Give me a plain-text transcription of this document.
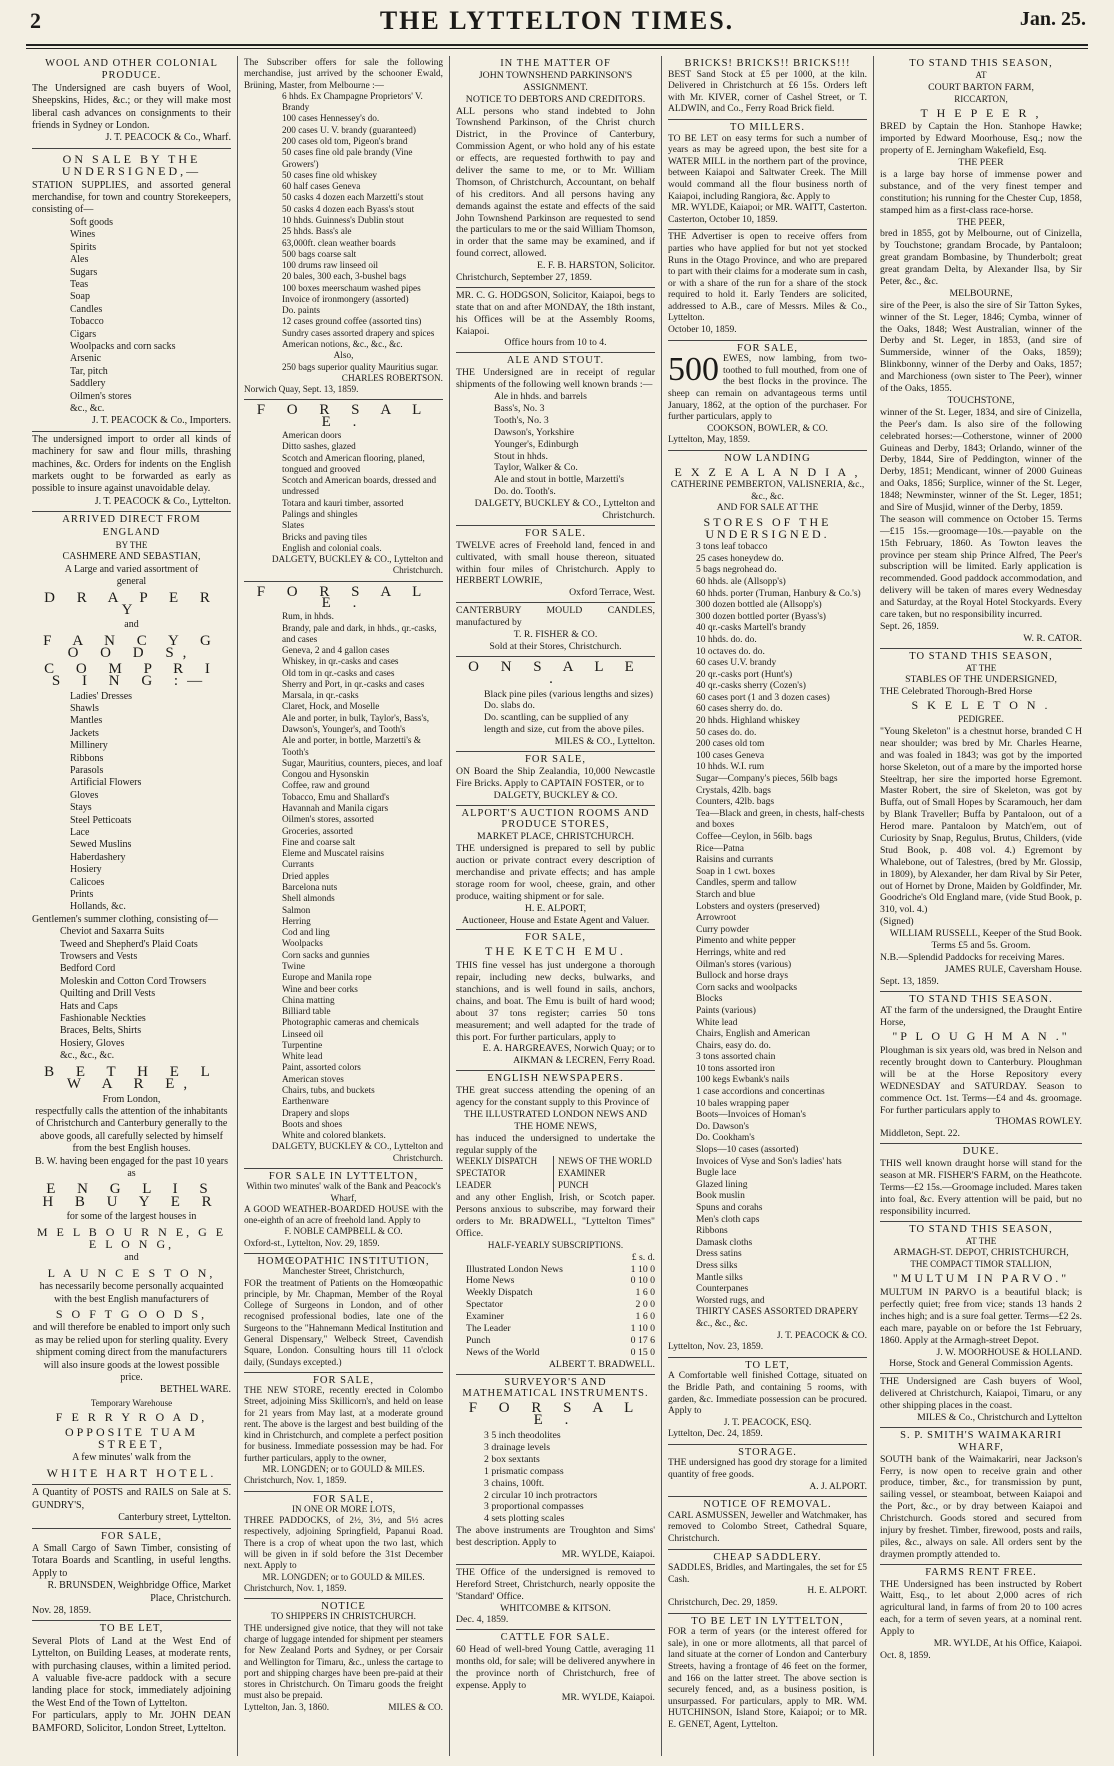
2	THE LYTTELTON TIMES.	Jan. 25.
WOOL AND OTHER COLONIAL PRODUCE.
The Undersigned are cash buyers of Wool, Sheepskins, Hides, &c.; or they will make most liberal cash advances on consignments to their friends in Sydney or London.
J. T. PEACOCK & Co., Wharf.
ON SALE BY THE UNDERSIGNED,—
STATION SUPPLIES, and assorted general merchandise, for town and country Storekeepers, consisting of—
Soft goods
Wines
Spirits
Ales
Sugars
Teas
Soap
Candles
Tobacco
Cigars
Woolpacks and corn sacks
Arsenic
Tar, pitch
Saddlery
Oilmen's stores
&c., &c.
J. T. PEACOCK & Co., Importers.
The undersigned import to order all kinds of machinery for saw and flour mills, thrashing machines, &c. Orders for indents on the English markets ought to be forwarded as early as possible to insure against unavoidable delay.
J. T. PEACOCK & Co., Lyttelton.
ARRIVED DIRECT FROM ENGLAND
BY THE
CASHMERE AND SEBASTIAN,
A Large and varied assortment of
general
D R A P E R Y
and
F A N C Y G O O D S,
C O M P R I S I N G :—
Ladies' Dresses
Shawls
Mantles
Jackets
Millinery
Ribbons
Parasols
Artificial Flowers
Gloves
Stays
Steel Petticoats
Lace
Sewed Muslins
Haberdashery
Hosiery
Calicoes
Prints
Hollands, &c.
Gentlemen's summer clothing, consisting of—
Cheviot and Saxarra Suits
Tweed and Shepherd's Plaid Coats
Trowsers and Vests
Bedford Cord
Moleskin and Cotton Cord Trowsers
Quilting and Drill Vests
Hats and Caps
Fashionable Neckties
Braces, Belts, Shirts
Hosiery, Gloves
&c., &c., &c.
B E T H E L W A R E,
From London,
respectfully calls the attention of the inhabitants of Christchurch and Canterbury generally to the above goods, all carefully selected by himself from the best English houses.
B. W. having been engaged for the past 10 years as
E N G L I S H B U Y E R
for some of the largest houses in
M E L B O U R N E, G E E L O N G,
and
L A U N C E S T O N,
has necessarily become personally acquainted with the best English manufacturers of
S O F T G O O D S,
and will therefore be enabled to import only such as may be relied upon for sterling quality. Every shipment coming direct from the manufacturers will also insure goods at the lowest possible price.
BETHEL WARE.
Temporary Warehouse
F E R R Y R O A D,
OPPOSITE TUAM STREET,
A few minutes' walk from the
WHITE HART HOTEL.
A Quantity of POSTS and RAILS on Sale at S. GUNDRY'S,
Canterbury street, Lyttelton.
FOR SALE,
A Small Cargo of Sawn Timber, consisting of Totara Boards and Scantling, in useful lengths. Apply to
R. BRUNSDEN, Weighbridge Office, Market Place, Christchurch.
Nov. 28, 1859.
TO BE LET,
Several Plots of Land at the West End of Lyttelton, on Building Leases, at moderate rents, with purchasing clauses, within a limited period. A valuable five-acre paddock with a secure landing place for stock, immediately adjoining the West End of the Town of Lyttelton.
For particulars, apply to Mr. JOHN DEAN BAMFORD, Solicitor, London Street, Lyttelton.
The Subscriber offers for sale the following merchandise, just arrived by the schooner Ewald, Brüning, Master, from Melbourne :—
6 hhds. Ex Champagne Proprietors' V. Brandy
100 cases Hennessey's do.
200 cases U. V. brandy (guaranteed)
200 cases old tom, Pigeon's brand
50 cases fine old pale brandy (Vine Growers')
50 cases fine old whiskey
60 half cases Geneva
50 casks 4 dozen each Marzetti's stout
50 casks 4 dozen each Byass's stout
10 hhds. Guinness's Dublin stout
25 hhds. Bass's ale
63,000ft. clean weather boards
500 bags coarse salt
100 drums raw linseed oil
20 bales, 300 each, 3-bushel bags
100 boxes meerschaum washed pipes
Invoice of ironmongery (assorted)
Do. paints
12 cases ground coffee (assorted tins)
Sundry cases assorted drapery and spices
American notions, &c., &c., &c.
Also,
250 bags superior quality Mauritius sugar.
CHARLES ROBERTSON.
Norwich Quay, Sept. 13, 1859.
F O R S A L E .
American doors
Ditto sashes, glazed
Scotch and American flooring, planed, tongued and grooved
Scotch and American boards, dressed and undressed
Totara and kauri timber, assorted
Palings and shingles
Slates
Bricks and paving tiles
English and colonial coals.
DALGETY, BUCKLEY & CO., Lyttelton and Christchurch.
F O R S A L E .
Rum, in hhds.
Brandy, pale and dark, in hhds., qr.-casks, and cases
Geneva, 2 and 4 gallon cases
Whiskey, in qr.-casks and cases
Old tom in qr.-casks and cases
Sherry and Port, in qr.-casks and cases
Marsala, in qr.-casks
Claret, Hock, and Moselle
Ale and porter, in bulk, Taylor's, Bass's, Dawson's, Younger's, and Tooth's
Ale and porter, in bottle, Marzetti's & Tooth's
Sugar, Mauritius, counters, pieces, and loaf
Congou and Hysonskin
Coffee, raw and ground
Tobacco, Emu and Shallard's
Havannah and Manila cigars
Oilmen's stores, assorted
Groceries, assorted
Fine and coarse salt
Eleme and Muscatel raisins
Currants
Dried apples
Barcelona nuts
Shell almonds
Salmon
Herring
Cod and ling
Woolpacks
Corn sacks and gunnies
Twine
Europe and Manila rope
Wine and beer corks
China matting
Billiard table
Photographic cameras and chemicals
Linseed oil
Turpentine
White lead
Paint, assorted colors
American stoves
Chairs, tubs, and buckets
Earthenware
Drapery and slops
Boots and shoes
White and colored blankets.
DALGETY, BUCKLEY & CO., Lyttelton and Christchurch.
FOR SALE IN LYTTELTON,
Within two minutes' walk of the Bank and Peacock's Wharf,
A GOOD WEATHER-BOARDED HOUSE with the one-eighth of an acre of freehold land. Apply to
F. NOBLE CAMPBELL & CO.
Oxford-st., Lyttelton, Nov. 29, 1859.
HOMŒOPATHIC INSTITUTION,
Manchester Street, Christchurch,
FOR the treatment of Patients on the Homœopathic principle, by Mr. Chapman, Member of the Royal College of Surgeons in London, and of other recognised professional bodies, late one of the Surgeons to the "Hahnemann Medical Institution and General Dispensary," Welbeck Street, Cavendish Square, London. Consulting hours till 11 o'clock daily, (Sundays excepted.)
FOR SALE,
THE NEW STORE, recently erected in Colombo Street, adjoining Miss Skillicorn's, and held on lease for 21 years from May last, at a moderate ground rent. The above is the largest and best building of the kind in Christchurch, and complete a perfect position for business. Immediate possession may be had. For further particulars, apply to the owner,
MR. LONGDEN; or to GOULD & MILES.
Christchurch, Nov. 1, 1859.
FOR SALE,
IN ONE OR MORE LOTS,
THREE PADDOCKS, of 2½, 3½, and 5½ acres respectively, adjoining Springfield, Papanui Road. There is a crop of wheat upon the two last, which will be given in if sold before the 31st December next. Apply to
MR. LONGDEN; or to GOULD & MILES.
Christchurch, Nov. 1, 1859.
NOTICE
TO SHIPPERS IN CHRISTCHURCH.
THE undersigned give notice, that they will not take charge of luggage intended for shipment per steamers for New Zealand Ports and Sydney, or per Corsair and Wellington for Timaru, &c., unless the cartage to port and shipping charges have been pre-paid at their stores in Christchurch. On Timaru goods the freight must also be prepaid.
Lyttelton, Jan. 3, 1860.	MILES & CO.
IN THE MATTER OF
JOHN TOWNSHEND PARKINSON'S ASSIGNMENT.
NOTICE TO DEBTORS AND CREDITORS.
ALL persons who stand indebted to John Townshend Parkinson, of the Christ church District, in the Province of Canterbury, Commission Agent, or who hold any of his estate or effects, are requested forthwith to pay and deliver the same to me, or to Mr. William Thomson, of Christchurch, Accountant, on behalf of his creditors. And all persons having any demands against the estate and effects of the said John Townshend Parkinson are requested to send the particulars to me or the said William Thomson, in order that the same may be examined, and if found correct, allowed.
E. F. B. HARSTON, Solicitor.
Christchurch, September 27, 1859.
MR. C. G. HODGSON, Solicitor, Kaiapoi, begs to state that on and after MONDAY, the 18th instant, his Offices will be at the Assembly Rooms, Kaiapoi.
Office hours from 10 to 4.
ALE AND STOUT.
THE Undersigned are in receipt of regular shipments of the following well known brands :—
Ale in hhds. and barrels
Bass's, No. 3
Tooth's, No. 3
Dawson's, Yorkshire
Younger's, Edinburgh
Stout in hhds.
Taylor, Walker & Co.
Ale and stout in bottle, Marzetti's
Do. do. Tooth's.
DALGETY, BUCKLEY & CO., Lyttelton and Christchurch.
FOR SALE.
TWELVE acres of Freehold land, fenced in and cultivated, with small house thereon, situated within four miles of Christchurch. Apply to HERBERT LOWRIE,
Oxford Terrace, West.
CANTERBURY MOULD CANDLES, manufactured by
T. R. FISHER & CO.
Sold at their Stores, Christchurch.
O N S A L E .
Black pine piles (various lengths and sizes)
Do. slabs do.
Do. scantling, can be supplied of any length and size, cut from the above piles.
MILES & CO., Lyttelton.
FOR SALE,
ON Board the Ship Zealandia, 10,000 Newcastle Fire Bricks. Apply to CAPTAIN FOSTER, or to
DALGETY, BUCKLEY & CO.
ALPORT'S AUCTION ROOMS AND PRODUCE STORES,
MARKET PLACE, CHRISTCHURCH.
THE undersigned is prepared to sell by public auction or private contract every description of merchandise and private effects; and has ample storage room for wool, cheese, grain, and other produce, waiting shipment or for sale.
H. E. ALPORT,
Auctioneer, House and Estate Agent and Valuer.
FOR SALE,
THE KETCH EMU.
THIS fine vessel has just undergone a thorough repair, including new decks, bulwarks, and stanchions, and is well found in sails, anchors, chains, and boat. The Emu is built of hard wood; about 37 tons register; carries 50 tons measurement; and well adapted for the trade of this port. For further particulars, apply to
E. A. HARGREAVES, Norwich Quay; or to AIKMAN & LECREN, Ferry Road.
ENGLISH NEWSPAPERS.
THE great success attending the opening of an agency for the constant supply to this Province of
THE ILLUSTRATED LONDON NEWS AND THE HOME NEWS,
has induced the undersigned to undertake the regular supply of the
WEEKLY DISPATCH
SPECTATOR
LEADER
NEWS OF THE WORLD
EXAMINER
PUNCH
and any other English, Irish, or Scotch paper. Persons anxious to subscribe, may forward their orders to Mr. BRADWELL, "Lyttelton Times" Office.
HALF-YEARLY SUBSCRIPTIONS.
£ s. d.
Illustrated London News	1 10 0
Home News	0 10 0
Weekly Dispatch	1 6 0
Spectator	2 0 0
Examiner	1 6 0
The Leader	1 10 0
Punch	0 17 6
News of the World	0 15 0
ALBERT T. BRADWELL.
SURVEYOR'S AND MATHEMATICAL INSTRUMENTS.
F O R S A L E .
3 5 inch theodolites
3 drainage levels
2 box sextants
1 prismatic compass
3 chains, 100ft.
2 circular 10 inch protractors
3 proportional compasses
4 sets plotting scales
The above instruments are Troughton and Sims' best description. Apply to
MR. WYLDE, Kaiapoi.
THE Office of the undersigned is removed to Hereford Street, Christchurch, nearly opposite the 'Standard' Office.
WHITCOMBE & KITSON.
Dec. 4, 1859.
CATTLE FOR SALE.
60 Head of well-bred Young Cattle, averaging 11 months old, for sale; will be delivered anywhere in the province north of Christchurch, free of expense. Apply to
MR. WYLDE, Kaiapoi.
BRICKS! BRICKS!! BRICKS!!!
BEST Sand Stock at £5 per 1000, at the kiln. Delivered in Christchurch at £6 15s. Orders left with Mr. KIVER, corner of Cashel Street, or T. ALDWIN, and Co., Ferry Road Brick field.
TO MILLERS.
TO BE LET on easy terms for such a number of years as may be agreed upon, the best site for a WATER MILL in the northern part of the province, between Kaiapoi and Saltwater Creek. The Mill would command all the flour business north of Kaiapoi, including Rangiora, &c. Apply to
MR. WYLDE, Kaiapoi; or MR. WAITT, Casterton.
Casterton, October 10, 1859.
THE Advertiser is open to receive offers from parties who have applied for but not yet stocked Runs in the Otago Province, and who are prepared to part with their claims for a moderate sum in cash, or with a share of the run for a share of the stock required to hold it. Early Tenders are solicited, addressed to A.B., care of Messrs. Miles & Co., Lyttelton.
October 10, 1859.
FOR SALE,
500 EWES, now lambing, from two-toothed to full mouthed, from one of the best flocks in the province. The sheep can remain on advantageous terms until January, 1862, at the option of the purchaser. For further particulars, apply to
COOKSON, BOWLER, & CO.
Lyttelton, May, 1859.
NOW LANDING
E X Z E A L A N D I A ,
CATHERINE PEMBERTON, VALISNERIA, &c., &c., &c.
AND FOR SALE AT THE
STORES OF THE UNDERSIGNED.
3 tons leaf tobacco
25 cases honeydew do.
5 bags negrohead do.
60 hhds. ale (Allsopp's)
60 hhds. porter (Truman, Hanbury & Co.'s)
300 dozen bottled ale (Allsopp's)
300 dozen bottled porter (Byass's)
40 qr.-casks Martell's brandy
10 hhds. do. do.
10 octaves do. do.
60 cases U.V. brandy
20 qr.-casks port (Hunt's)
40 qr.-casks sherry (Cozen's)
60 cases port (1 and 3 dozen cases)
60 cases sherry do. do.
20 hhds. Highland whiskey
50 cases do. do.
200 cases old tom
100 cases Geneva
10 hhds. W.I. rum
Sugar—Company's pieces, 56lb bags
Crystals, 42lb. bags
Counters, 42lb. bags
Tea—Black and green, in chests, half-chests and boxes
Coffee—Ceylon, in 56lb. bags
Rice—Patna
Raisins and currants
Soap in 1 cwt. boxes
Candles, sperm and tallow
Starch and blue
Lobsters and oysters (preserved)
Arrowroot
Curry powder
Pimento and white pepper
Herrings, white and red
Oilman's stores (various)
Bullock and horse drays
Corn sacks and woolpacks
Blocks
Paints (various)
White lead
Chairs, English and American
Chairs, easy do. do.
3 tons assorted chain
10 tons assorted iron
100 kegs Ewbank's nails
1 case accordions and concertinas
10 bales wrapping paper
Boots—Invoices of Homan's
Do. Dawson's
Do. Cookham's
Slops—10 cases (assorted)
Invoices of Vyse and Son's ladies' hats
Bugle lace
Glazed lining
Book muslin
Spuns and corahs
Men's cloth caps
Ribbons
Damask cloths
Dress satins
Dress silks
Mantle silks
Counterpanes
Worsted rugs, and
THIRTY CASES ASSORTED DRAPERY &c., &c., &c.
J. T. PEACOCK & CO.
Lyttelton, Nov. 23, 1859.
TO LET,
A Comfortable well finished Cottage, situated on the Bridle Path, and containing 5 rooms, with garden, &c. Immediate possession can be procured. Apply to
J. T. PEACOCK, ESQ.
Lyttelton, Dec. 24, 1859.
STORAGE.
THE undersigned has good dry storage for a limited quantity of free goods.
A. J. ALPORT.
NOTICE OF REMOVAL.
CARL ASMUSSEN, Jeweller and Watchmaker, has removed to Colombo Street, Cathedral Square, Christchurch.
CHEAP SADDLERY.
SADDLES, Bridles, and Martingales, the set for £5 Cash.
H. E. ALPORT.
Christchurch, Dec. 29, 1859.
TO BE LET IN LYTTELTON,
FOR a term of years (or the interest offered for sale), in one or more allotments, all that parcel of land situate at the corner of London and Canterbury Streets, having a frontage of 46 feet on the former, and 166 on the latter street. The above section is securely fenced, and, as a business position, is unsurpassed. For particulars, apply to MR. WM. HUTCHINSON, Island Store, Kaiapoi; or to MR. E. GENET, Agent, Lyttelton.
TO STAND THIS SEASON,
AT
COURT BARTON FARM,
RICCARTON,
T H E P E E R ,
BRED by Captain the Hon. Stanhope Hawke; imported by Edward Moorhouse, Esq.; now the property of E. Jerningham Wakefield, Esq.
THE PEER
is a large bay horse of immense power and substance, and of the very finest temper and constitution; his running for the Chester Cup, 1858, stamped him as a first-class race-horse.
THE PEER,
bred in 1855, got by Melbourne, out of Cinizella, by Touchstone; grandam Brocade, by Pantaloon; great grandam Bombasine, by Thunderbolt; great great grandam Delta, by Alexander Ilsa, by Sir Peter, &c., &c.
MELBOURNE,
sire of the Peer, is also the sire of Sir Tatton Sykes, winner of the St. Leger, 1846; Cymba, winner of the Oaks, 1848; West Australian, winner of the Derby and St. Leger, in 1853, (and sire of Summerside, winner of the Oaks, 1859); Blinkbonny, winner of the Derby and Oaks, 1857; and Marchioness (own sister to The Peer), winner of the Oaks, 1855.
TOUCHSTONE,
winner of the St. Leger, 1834, and sire of Cinizella, the Peer's dam. Is also sire of the following celebrated horses:—Cotherstone, winner of 2000 Guineas and Derby, 1843; Orlando, winner of the Derby, 1844, Sire of Peddington, winner of the Derby, 1851; Mendicant, winner of 2000 Guineas and Oaks, 1856; Surplice, winner of the St. Leger, 1848; Newminster, winner of the St. Leger, 1851; and Sire of Musjid, winner of the Derby, 1859.
The season will commence on October 15. Terms—£15 15s.—groomage—10s.—payable on the 15th February, 1860. As Towton leaves the province per steam ship Prince Alfred, The Peer's subscription will be limited. Early application is recommended. Good paddock accommodation, and delivery will be taken of mares every Wednesday and Saturday, at the Royal Hotel Stockyards. Every care taken, but no responsibility incurred.
Sept. 26, 1859.
W. R. CATOR.
TO STAND THIS SEASON,
AT THE
STABLES OF THE UNDERSIGNED,
THE Celebrated Thorough-Bred Horse
S K E L E T O N .
PEDIGREE.
"Young Skeleton" is a chestnut horse, branded C H near shoulder; was bred by Mr. Charles Hearne, and was foaled in 1843; was got by the imported horse Skeleton, out of a mare by the imported horse Steeltrap, her sire the imported horse Egremont. Master Robert, the sire of Skeleton, was got by Buffa, out of Small Hopes by Scaramouch, her dam by Blank Traveller; Buffa by Pantaloon, out of a Herod mare. Pantaloon by Match'em, out of Curiosity by Snap, Regulus, Brutus, Childers, (vide Stud Book, p. 408 vol. 4.) Egremont by Whalebone, out of Talestres, (bred by Mr. Glossip, in 1809), by Alexander, her dam Rival by Sir Peter, out of Hornet by Drone, Maiden by Goldfinder, Mr. Goodriche's Old England mare, (vide Stud Book, p. 310, vol. 4.)
(Signed)
WILLIAM RUSSELL, Keeper of the Stud Book.
Terms £5 and 5s. Groom.
N.B.—Splendid Paddocks for receiving Mares.
JAMES RULE, Caversham House.
Sept. 13, 1859.
TO STAND THIS SEASON.
AT the farm of the undersigned, the Draught Entire Horse,
"P L O U G H M A N ."
Ploughman is six years old, was bred in Nelson and recently brought down to Canterbury. Ploughman will be at the Horse Repository every WEDNESDAY and SATURDAY. Season to commence Oct. 1st. Terms—£4 and 4s. groomage. For further particulars apply to
THOMAS ROWLEY.
Middleton, Sept. 22.
DUKE.
THIS well known draught horse will stand for the season at MR. FISHER'S FARM, on the Heathcote. Terms—£2 15s.—Groomage included. Mares taken into foal, &c. Every attention will be paid, but no responsibility incurred.
TO STAND THIS SEASON,
AT THE
ARMAGH-ST. DEPOT, CHRISTCHURCH,
THE COMPACT TIMOR STALLION,
"MULTUM IN PARVO."
MULTUM IN PARVO is a beautiful black; is perfectly quiet; free from vice; stands 13 hands 2 inches high; and is a sure foal getter. Terms—£2 2s. each mare, payable on or before the 1st February, 1860. Apply at the Armagh-street Depot.
J. W. MOORHOUSE & HOLLAND.
Horse, Stock and General Commission Agents.
THE Undersigned are Cash buyers of Wool, delivered at Christchurch, Kaiapoi, Timaru, or any other shipping places in the coast.
MILES & Co., Christchurch and Lyttelton
S. P. SMITH'S WAIMAKARIRI WHARF,
SOUTH bank of the Waimakariri, near Jackson's Ferry, is now open to receive grain and other produce, timber, &c., for transmission by punt, sailing vessel, or steamboat, between Kaiapoi and the Port, &c., or by dray between Kaiapoi and Christchurch. Goods stored and secured from injury by freshet. Timber, firewood, posts and rails, piles, &c., always on sale. All orders sent by the draymen promptly attended to.
FARMS RENT FREE.
THE Undersigned has been instructed by Robert Waitt, Esq., to let about 2,000 acres of rich agricultural land, in farms of from 20 to 100 acres each, for a term of seven years, at a nominal rent. Apply to
MR. WYLDE, At his Office, Kaiapoi.
Oct. 8, 1859.
